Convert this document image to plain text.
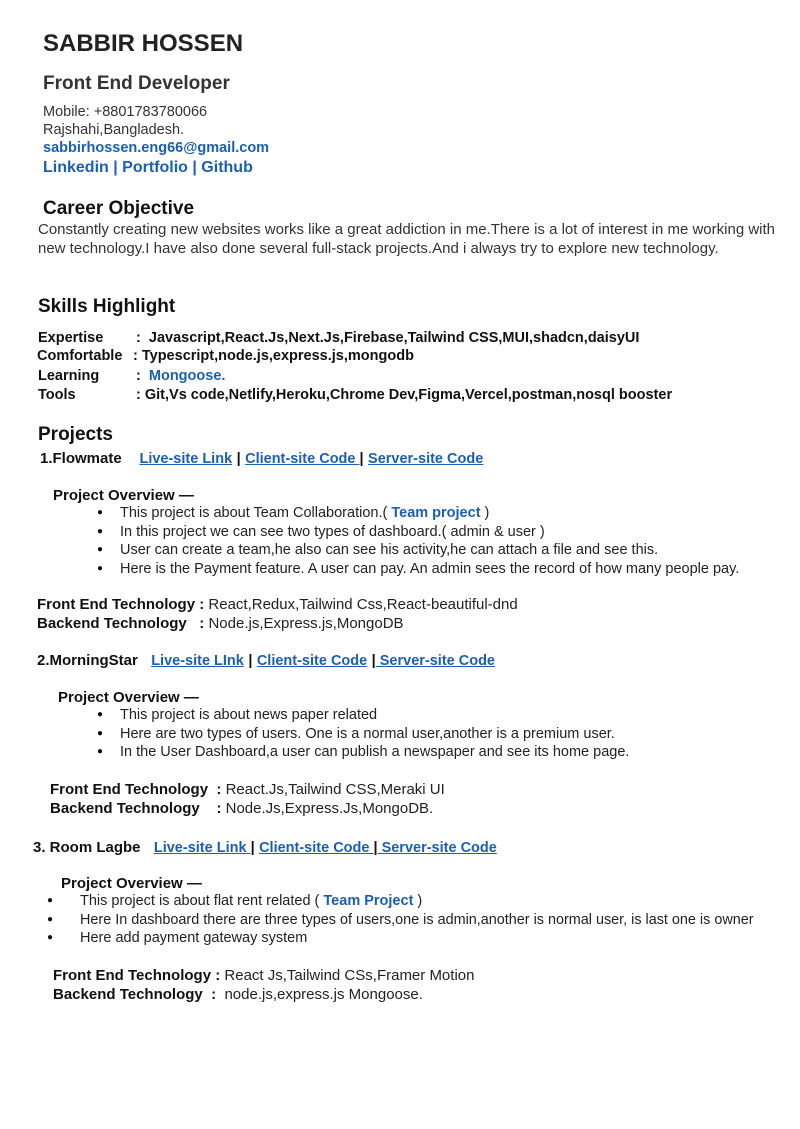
SABBIR HOSSEN
Front End Developer
Mobile: +8801783780066
Rajshahi,Bangladesh.
sabbirhossen.eng66@gmail.com
Linkedin | Portfolio | Github
Career Objective
Constantly creating new websites works like a great addiction in me.There is a lot of interest in me working with new technology.I have also done several full-stack projects.And i always try to explore new technology.
Skills Highlight
Expertise :  Javascript,React.Js,Next.Js,Firebase,Tailwind CSS,MUI,shadcn,daisyUI
Comfortable : Typescript,node.js,express.js,mongodb
Learning	:  Mongoose.
Tools	: Git,Vs code,Netlify,Heroku,Chrome Dev,Figma,Vercel,postman,nosql booster
Projects
1.Flowmate Live-site Link | Client-site Code | Server-site Code
Project Overview —
● This project is about Team Collaboration.( Team project )
● In this project we can see two types of dashboard.( admin & user )
● User can create a team,he also can see his activity,he can attach a file and see this.
● Here is the Payment feature. A user can pay. An admin sees the record of how many people pay.
Front End Technology : React,Redux,Tailwind Css,React-beautiful-dnd
Backend Technology : Node.js,Express.js,MongoDB
2.MorningStar   Live-site LInk | Client-site Code | Server-site Code
Project Overview —
● This project is about news paper related
● Here are two types of users. One is a normal user,another is a premium user.
● In the User Dashboard,a user can publish a newspaper and see its home page.
Front End Technology : React.Js,Tailwind CSS,Meraki UI
Backend Technology : Node.Js,Express.Js,MongoDB.
3. Room Lagbe   Live-site Link | Client-site Code | Server-site Code
Project Overview —
● This project is about flat rent related ( Team Project )
● Here In dashboard there are three types of users,one is admin,another is normal user, is last one is owner
● Here add payment gateway system
Front End Technology : React Js,Tailwind CSs,Framer Motion
Backend Technology : node.js,express.js Mongoose.
